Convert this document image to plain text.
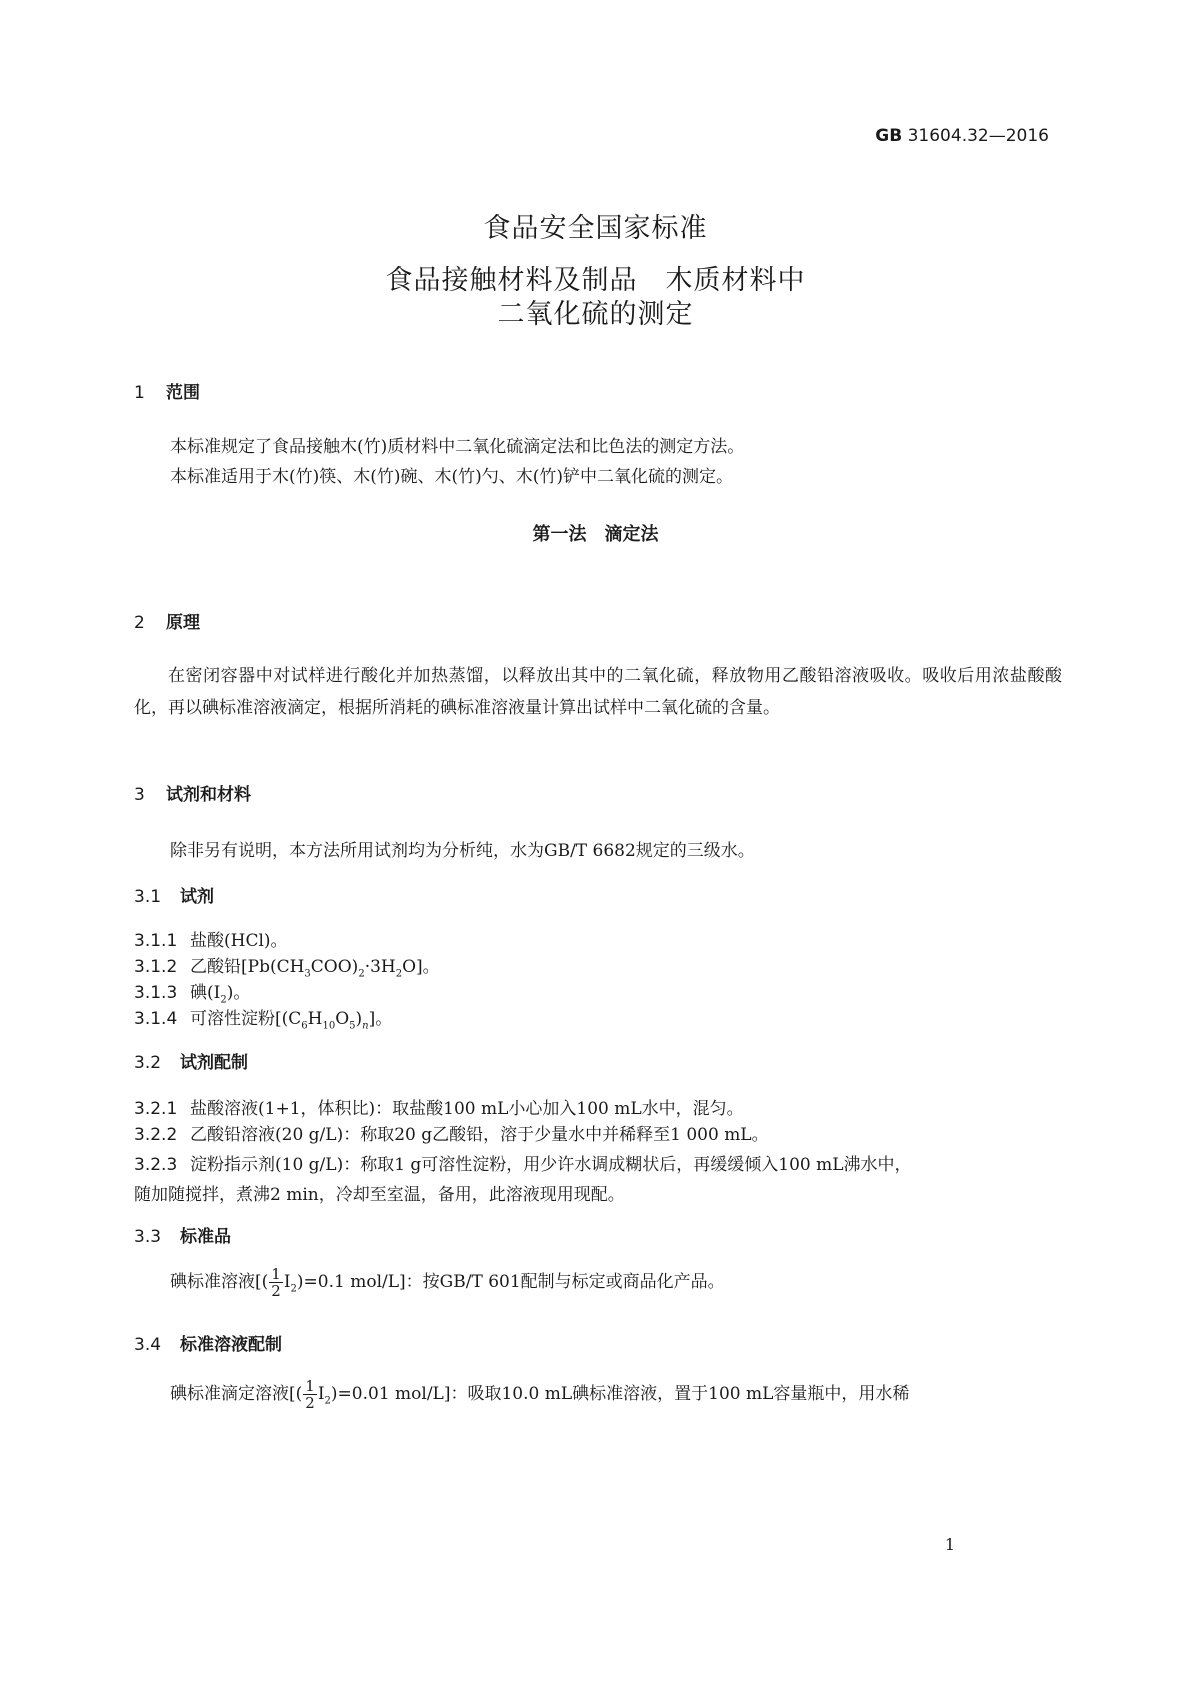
GB 31604.32—2016
食品安全国家标准
食品接触材料及制品　木质材料中
二氧化硫的测定
1 范围
本标准规定了食品接触木(竹)质材料中二氧化硫滴定法和比色法的测定方法。
本标准适用于木(竹)筷、木(竹)碗、木(竹)勺、木(竹)铲中二氧化硫的测定。
第一法　滴定法
2 原理
在密闭容器中对试样进行酸化并加热蒸馏，以释放出其中的二氧化硫，释放物用乙酸铅溶液吸收。吸收后用浓盐酸酸化，再以碘标准溶液滴定，根据所消耗的碘标准溶液量计算出试样中二氧化硫的含量。
3 试剂和材料
除非另有说明，本方法所用试剂均为分析纯，水为GB/T 6682规定的三级水。
3.1 试剂
3.1.1 盐酸(HCl)。
3.1.2 乙酸铅$[Pb(CH_3COO)_2\cdot 3H_2O]$。
3.1.3 碘$(I_2)$。
3.1.4 可溶性淀粉$[(C_6H_{10}O_5)_n]$。
3.2 试剂配制
3.2.1 盐酸溶液(1+1，体积比)：取盐酸100 mL小心加入100 mL水中，混匀。
3.2.2 乙酸铅溶液(20 g/L)：称取20 g乙酸铅，溶于少量水中并稀释至1 000 mL。
3.2.3 淀粉指示剂(10 g/L)：称取1 g可溶性淀粉，用少许水调成糊状后，再缓缓倾入100 mL沸水中，
随加随搅拌，煮沸2 min，冷却至室温，备用，此溶液现用现配。
3.3 标准品
碘标准溶液[( $\frac{1}{2} I_2)=0.1$ mol/L]：按GB/T 601配制与标定或商品化产品。
3.4 标准溶液配制
碘标准滴定溶液[( $\frac{1}{2} I_2)=0.01$ mol/L]：吸取10.0 mL碘标准溶液，置于100 mL容量瓶中，用水稀
1
